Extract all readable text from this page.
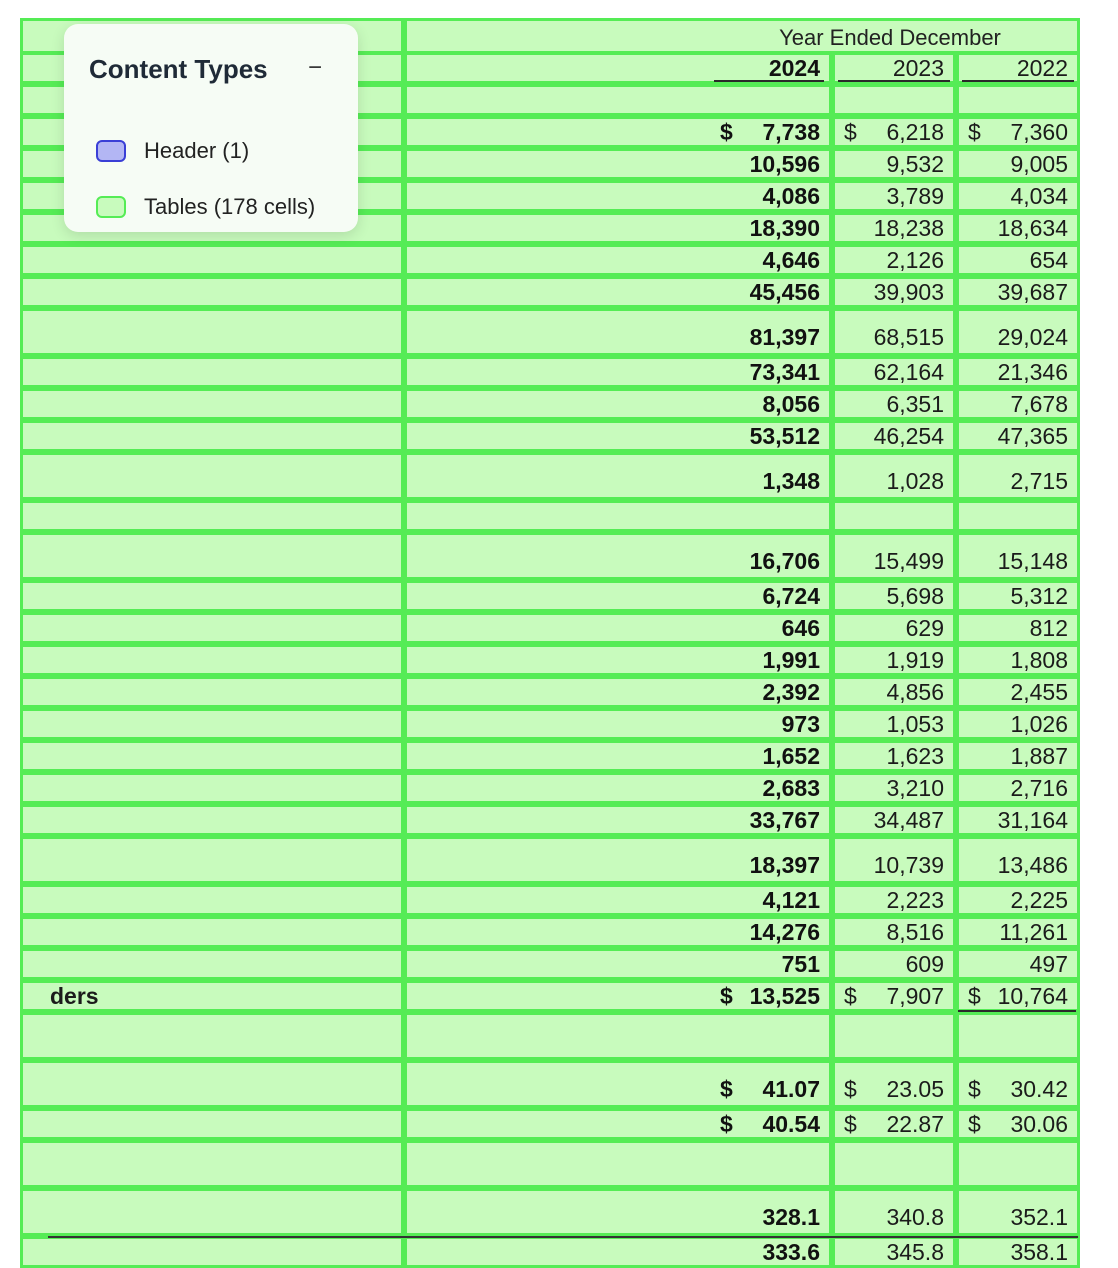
Year Ended December
2024	2023	2022
$ 7,738 $ 6,218 $ 7,360
10,596	9,532	9,005
4,086	3,789	4,034
18,390 18,238 18,634
4,646	2,126	654
45,456 39,903 39,687
81,397 68,515 29,024
73,341 62,164 21,346
8,056	6,351	7,678
53,512 46,254 47,365
1,348	1,028	2,715
16,706 15,499 15,148
6,724	5,698	5,312
646	629	812
1,991	1,919	1,808
2,392	4,856	2,455
973	1,053	1,026
1,652	1,623	1,887
2,683	3,210	2,716
33,767 34,487 31,164
18,397 10,739 13,486
4,121	2,223	2,225
14,276	8,516 11,261
751	609	497
$ 13,525 $ 7,907 $ 10,764
ders
$ 41.07 $ 23.05 $ 30.42
$ 40.54 $ 22.87 $ 30.06
328.1	340.8	352.1
333.6	345.8	358.1
Content Types −
Header (1)
Tables (178 cells)
